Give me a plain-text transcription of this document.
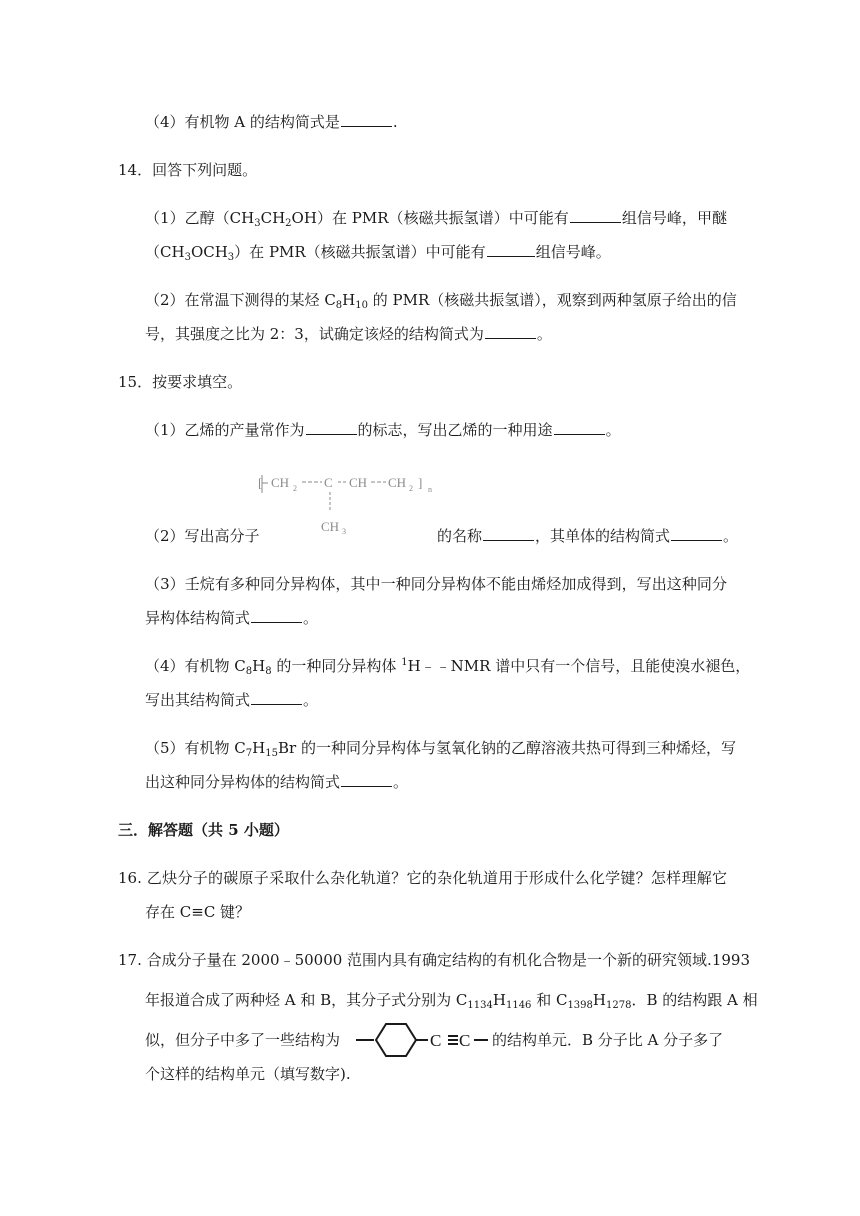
（4）有机物 A 的结构简式是	.
14．回答下列问题。
（1）乙醇$(CH_3CH_2OH)$在 PMR（核磁共振氢谱）中可能有	组信号峰，甲醚
$(CH_3OCH_3)$在 PMR（核磁共振氢谱）中可能有	组信号峰。
（2）在常温下测得的某烃 $C_8H_{10}$ 的 PMR（核磁共振氢谱），观察到两种氢原子给出的信
号，其强度之比为 2：3，试确定该烃的结构简式为	。
15．按要求填空。
（1）乙烯的产量常作为	的标志，写出乙烯的一种用途	。
[ CH 2 C CH CH 2 ] n
CH 3
（2）写出高分子	的名称	，其单体的结构简式	。
（3）壬烷有多种同分异构体，其中一种同分异构体不能由烯烃加成得到，写出这种同分
异构体结构简式	。
（4）有机物 $C_8H_8$ 的一种同分异构体 $^1$H﹣﹣NMR 谱中只有一个信号，且能使溴水褪色，
写出其结构简式	。
（5）有机物 $C_7H_{15}Br$ 的一种同分异构体与氢氧化钠的乙醇溶液共热可得到三种烯烃，写
出这种同分异构体的结构简式	。
三．解答题（共 5 小题）
16. 乙炔分子的碳原子采取什么杂化轨道？它的杂化轨道用于形成什么化学键？怎样理解它
存在 C≡C 键？
17. 合成分子量在 2000﹣50000 范围内具有确定结构的有机化合物是一个新的研究领域.1993
年报道合成了两种烃 A 和 B，其分子式分别为 $C_{1134}H_{1146}$ 和 $C_{1398}H_{1278}$．B 的结构跟 A 相
似，但分子中多了一些结构为	C C 的结构单元．B 分子比 A 分子多了
个这样的结构单元（填写数字).
